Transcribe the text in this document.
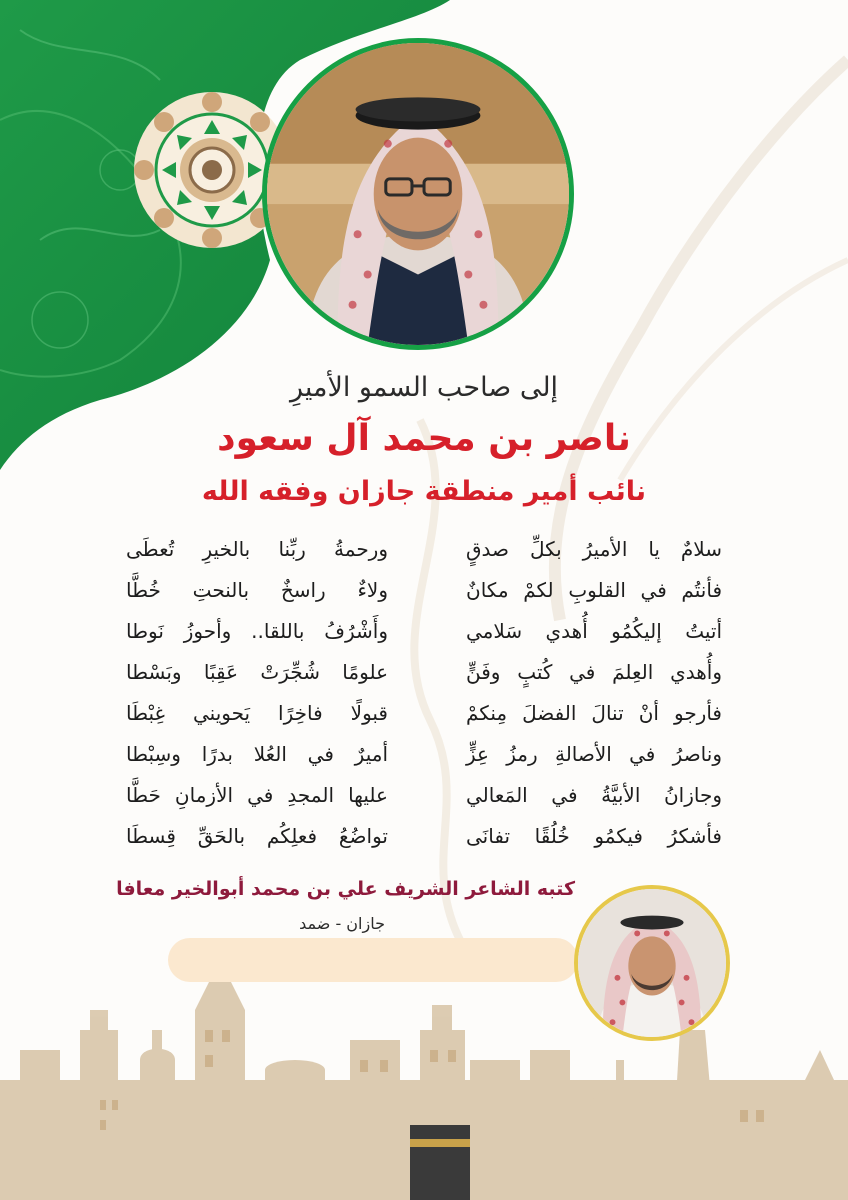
إلى صاحب السمو الأميرِ
ناصر بن محمد آل سعود
نائب أمير منطقة جازان وفقه الله
سلامٌ يا الأميرُ بكلِّ صدقٍ
فأنتُم في القلوبِ لكمْ مكانٌ
أتيتُ إليكُمُو أُهدي سَلامي
وأُهدي العِلمَ في كُتبٍ وفَنٍّ
فأرجو أنْ تنالَ الفضلَ مِنكمْ
وناصرُ في الأصالةِ رمزُ عِزٍّ
وجازانُ الأبيَّةُ في المَعالي
فأشكرُ فيكمُو خُلُقًا تفانَى
ورحمةُ ربِّنا بالخيرِ تُعطَى
ولاءٌ راسخٌ بالنحتِ خُطَّا
وأَشْرُفُ باللقا.. وأحوزُ نَوطا
علومًا شُجِّرَتْ عَقِبًا وبَسْطا
قبولًا فاخِرًا يَحويني غِبْطَا
أميرٌ في العُلا بدرًا وسِبْطا
عليها المجدِ في الأزمانِ حَطَّا
تواضُعُ فعلِكُم بالحَقِّ قِسطَا
كتبه الشاعر الشريف علي بن محمد أبوالخير معافا
جازان - ضمد
